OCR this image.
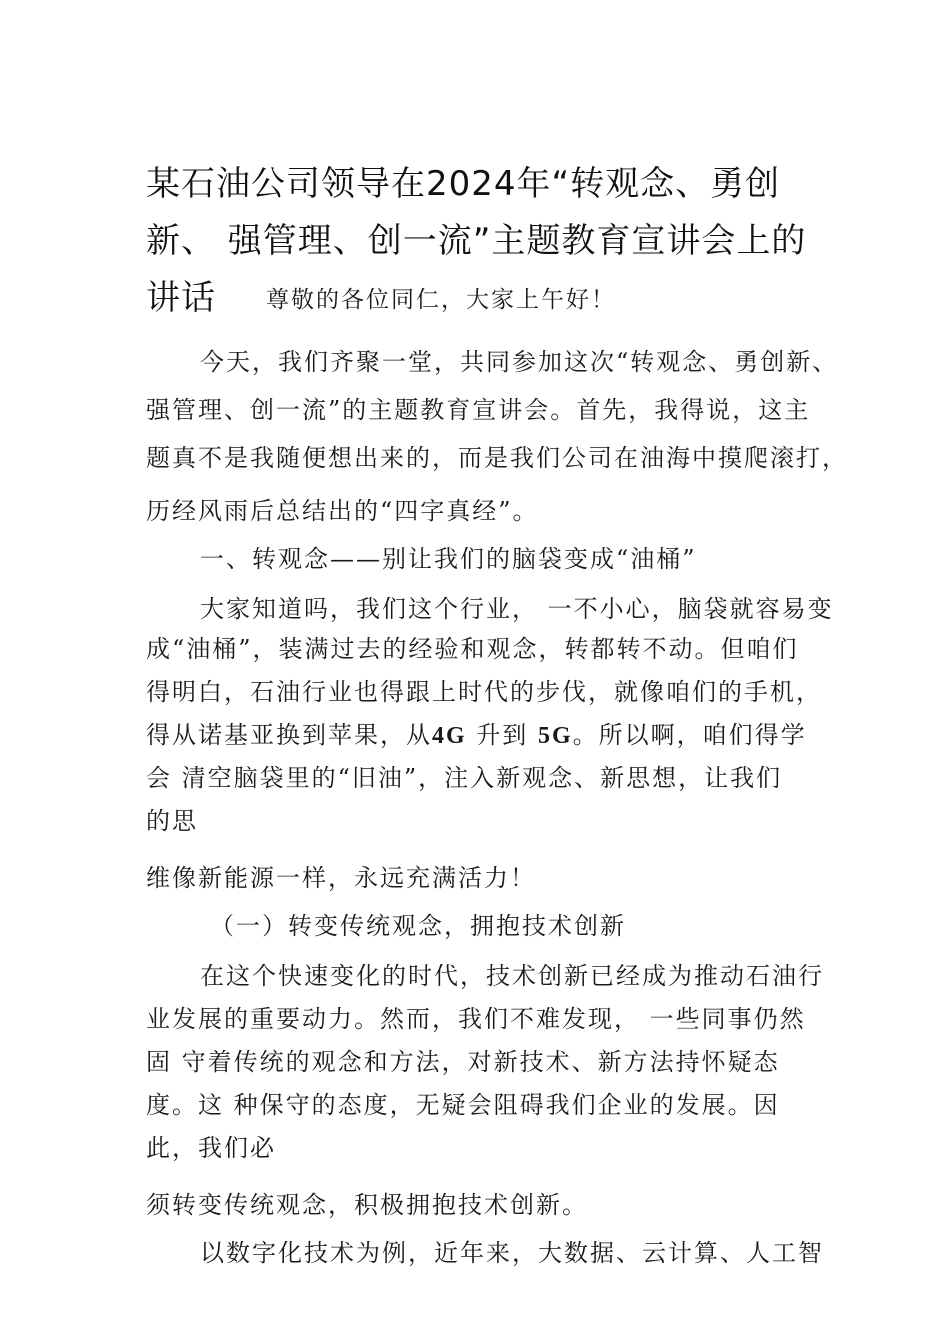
某石油公司领导在2024年“转观念、勇创
新、 强管理、创一流”主题教育宣讲会上的
讲话 尊敬的各位同仁，大家上午好！
今天，我们齐聚一堂，共同参加这次“转观念、勇创新、
强管理、创一流”的主题教育宣讲会。首先，我得说，这主
题真不是我随便想出来的，而是我们公司在油海中摸爬滚打，
历经风雨后总结出的“四字真经”。
一、转观念——别让我们的脑袋变成“油桶”
大家知道吗，我们这个行业， 一不小心，脑袋就容易变
成“油桶”，装满过去的经验和观念，转都转不动。但咱们
得明白，石油行业也得跟上时代的步伐，就像咱们的手机，
得从诺基亚换到苹果，从4G 升到 5G。所以啊，咱们得学
会 清空脑袋里的“旧油”，注入新观念、新思想，让我们
的思
维像新能源一样，永远充满活力！
（一）转变传统观念，拥抱技术创新
在这个快速变化的时代，技术创新已经成为推动石油行
业发展的重要动力。然而，我们不难发现， 一些同事仍然
固 守着传统的观念和方法，对新技术、新方法持怀疑态
度。这 种保守的态度，无疑会阻碍我们企业的发展。因
此，我们必
须转变传统观念，积极拥抱技术创新。
以数字化技术为例，近年来，大数据、云计算、人工智
